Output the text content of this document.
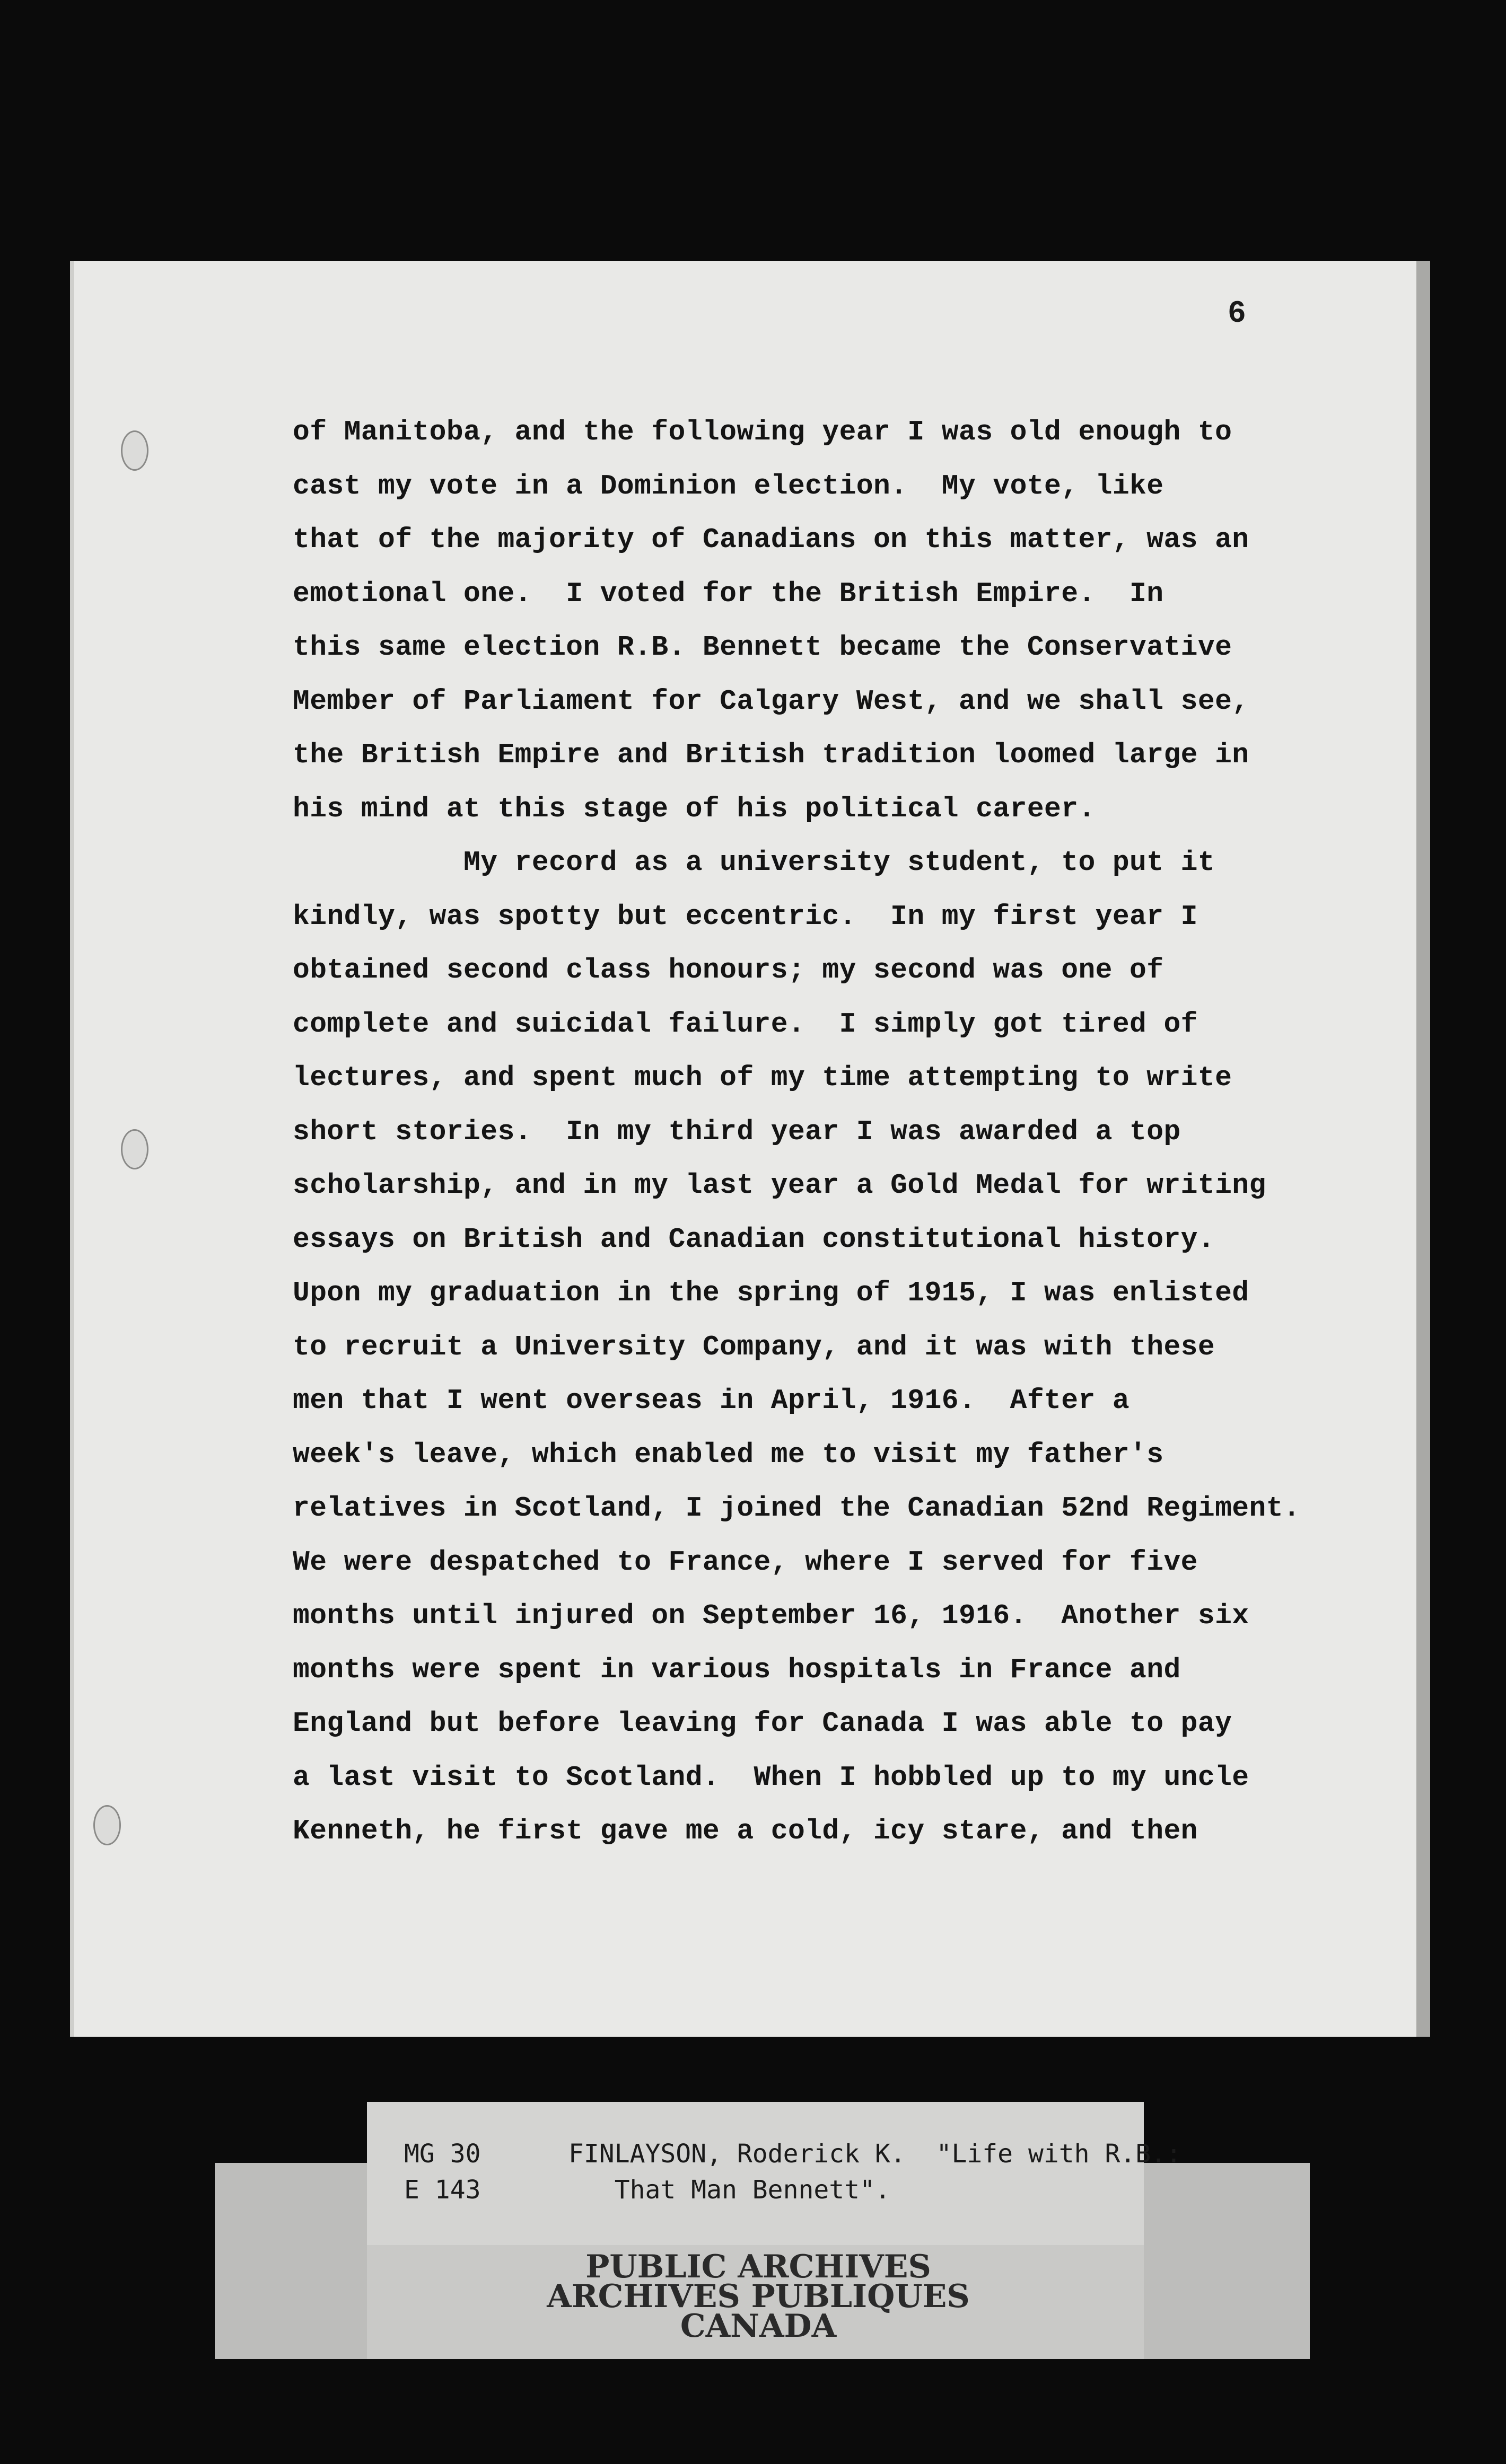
6
of Manitoba, and the following year I was old enough to
cast my vote in a Dominion election.  My vote, like
that of the majority of Canadians on this matter, was an
emotional one.  I voted for the British Empire.  In
this same election R.B. Bennett became the Conservative
Member of Parliament for Calgary West, and we shall see,
the British Empire and British tradition loomed large in
his mind at this stage of his political career.
My record as a university student, to put it
kindly, was spotty but eccentric.  In my first year I
obtained second class honours; my second was one of
complete and suicidal failure.  I simply got tired of
lectures, and spent much of my time attempting to write
short stories.  In my third year I was awarded a top
scholarship, and in my last year a Gold Medal for writing
essays on British and Canadian constitutional history.
Upon my graduation in the spring of 1915, I was enlisted
to recruit a University Company, and it was with these
men that I went overseas in April, 1916.  After a
week's leave, which enabled me to visit my father's
relatives in Scotland, I joined the Canadian 52nd Regiment.
We were despatched to France, where I served for five
months until injured on September 16, 1916.  Another six
months were spent in various hospitals in France and
England but before leaving for Canada I was able to pay
a last visit to Scotland.  When I hobbled up to my uncle
Kenneth, he first gave me a cold, icy stare, and then
MG 30
E 143
FINLAYSON, Roderick K.  "Life with R.B.:
That Man Bennett".
PUBLIC ARCHIVES
ARCHIVES PUBLIQUES
CANADA
